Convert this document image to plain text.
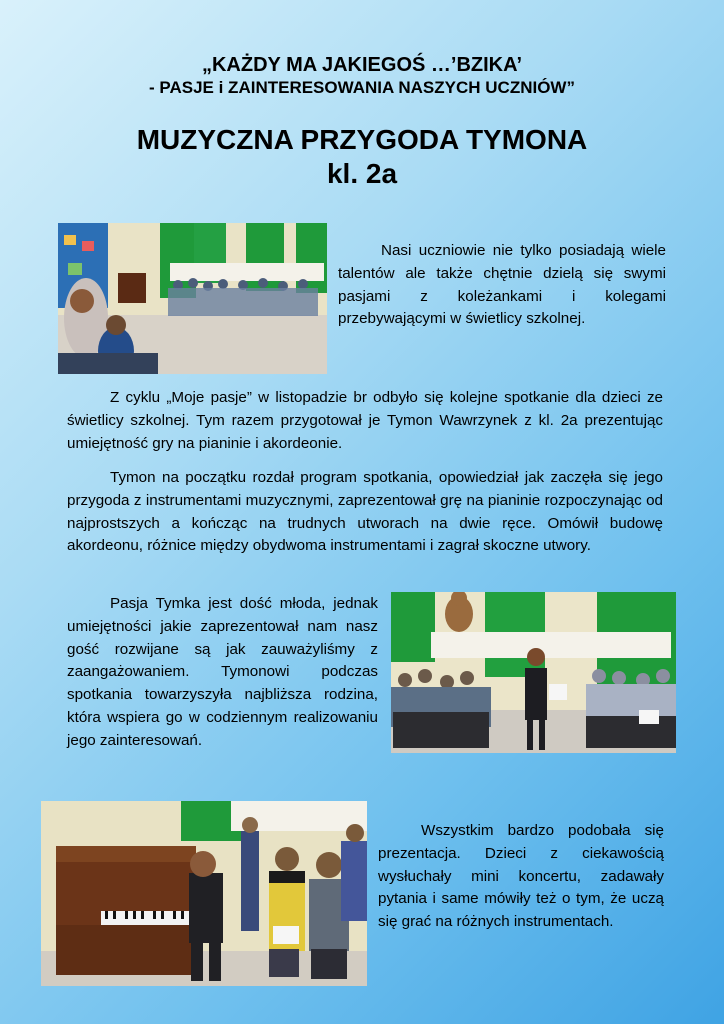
„KAŻDY MA JAKIEGOŚ …’BZIKA’
- PASJE i ZAINTERESOWANIA NASZYCH UCZNIÓW”
MUZYCZNA PRZYGODA TYMONA
kl. 2a
Nasi uczniowie nie tylko posiadają wiele talentów ale także chętnie dzielą się swymi pasjami z koleżankami i kolegami przebywającymi w świetlicy szkolnej.
Z cyklu „Moje pasje” w listopadzie br odbyło się kolejne spotkanie dla dzieci ze świetlicy szkolnej. Tym razem przygotował je Tymon Wawrzynek z kl. 2a prezentując umiejętność gry na pianinie i akordeonie.
Tymon na początku rozdał program spotkania, opowiedział jak zaczęła się jego przygoda z instrumentami muzycznymi, zaprezentował grę na pianinie rozpoczynając od najprostszych a kończąc na trudnych utworach na dwie ręce. Omówił budowę akordeonu, różnice między obydwoma instrumentami i zagrał skoczne utwory.
Pasja Tymka jest dość młoda, jednak umiejętności jakie zaprezentował nam nasz gość rozwijane są jak zauważyliśmy z zaangażowaniem. Tymonowi podczas spotkania towarzyszyła najbliższa rodzina, która wspiera go w codziennym realizowaniu jego zainteresowań.
Wszystkim bardzo podobała się prezentacja. Dzieci z ciekawością wysłuchały mini koncertu, zadawały pytania i same mówiły też o tym, że uczą się grać na różnych instrumentach.
